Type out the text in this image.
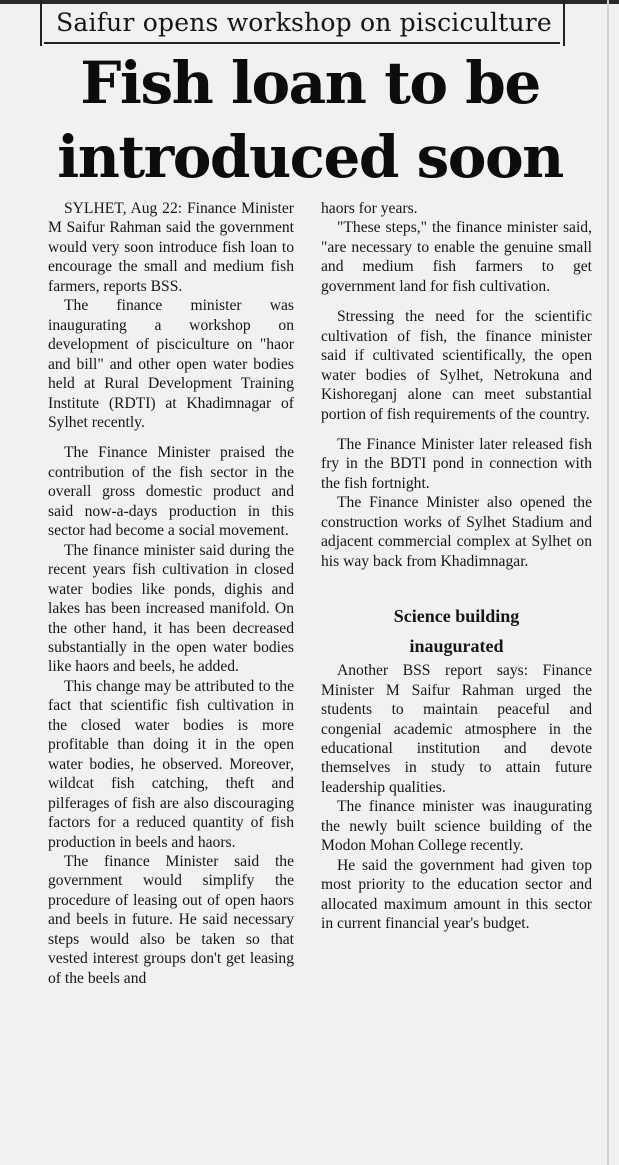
Saifur opens workshop on pisciculture
Fish loan to be
introduced soon

SYLHET, Aug 22: Finance Minister M Saifur Rahman said the government would very soon introduce fish loan to encourage the small and medium fish farmers, reports BSS.

The finance minister was inaugurating a workshop on development of pisciculture on "haor and bill" and other open water bodies held at Rural Development Training Institute (RDTI) at Khadimnagar of Sylhet recently.

The Finance Minister praised the contribution of the fish sector in the overall gross domestic product and said now-a-days production in this sector had become a social movement.

The finance minister said during the recent years fish cultivation in closed water bodies like ponds, dighis and lakes has been increased manifold. On the other hand, it has been decreased substantially in the open water bodies like haors and beels, he added.

This change may be attributed to the fact that scientific fish cultivation in the closed water bodies is more profitable than doing it in the open water bodies, he observed. Moreover, wildcat fish catching, theft and pilferages of fish are also discouraging factors for a reduced quantity of fish production in beels and haors.

The finance Minister said the government would simplify the procedure of leasing out of open haors and beels in future. He said necessary steps would also be taken so that vested interest groups don't get leasing of the beels and

haors for years.

"These steps," the finance minister said, "are necessary to enable the genuine small and medium fish farmers to get government land for fish cultivation.

Stressing the need for the scientific cultivation of fish, the finance minister said if cultivated scientifically, the open water bodies of Sylhet, Netrokuna and Kishoreganj alone can meet substantial portion of fish requirements of the country.

The Finance Minister later released fish fry in the BDTI pond in connection with the fish fortnight.

The Finance Minister also opened the construction works of Sylhet Stadium and adjacent commercial complex at Sylhet on his way back from Khadimnagar.

Science building

inaugurated

Another BSS report says: Finance Minister M Saifur Rahman urged the students to maintain peaceful and congenial academic atmosphere in the educational institution and devote themselves in study to attain future leadership qualities.

The finance minister was inaugurating the newly built science building of the Modon Mohan College recently.

He said the government had given top most priority to the education sector and allocated maximum amount in this sector in current financial year's budget.
